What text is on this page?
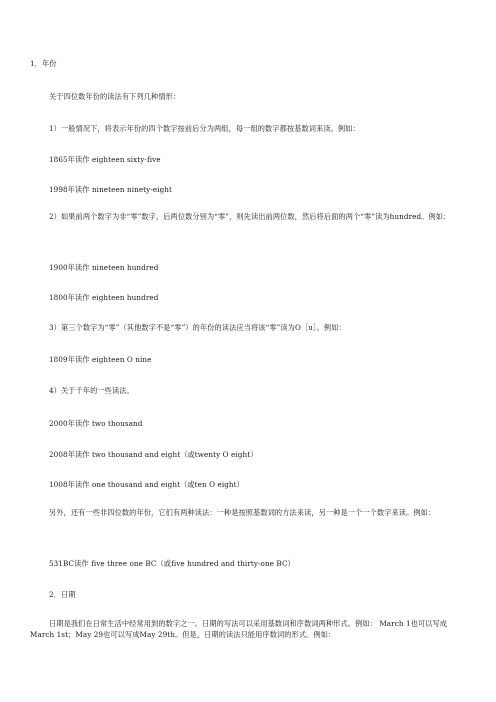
1．年份
关于四位数年份的读法有下列几种情形：
1）一般情况下，将表示年份的四个数字按前后分为两组，每一组的数字都按基数词来读。例如：
1865年读作 eighteen sixty-five
1998年读作 nineteen ninety-eight
2）如果前两个数字为非“零”数字，后两位数分别为“零”，则先读出前两位数，然后将后面的两个“零”读为hundred。例如：
1900年读作 nineteen hundred
1800年读作 eighteen hundred
3）第三个数字为“零”（其他数字不是“零”）的年份的读法应当将该“零”读为O［u］。例如：
1809年读作 eighteen O nine
4）关于千年的一些读法。
2000年读作 two thousand
2008年读作 two thousand and eight（或twenty O eight）
1008年读作 one thousand and eight（或ten O eight）
另外，还有一些非四位数的年份，它们有两种读法：一种是按照基数词的方法来读，另一种是一个一个数字来读。例如：
531BC读作 five three one BC（或five hundred and thirty-one BC）
2．日期
日期是我们在日常生活中经常用到的数字之一。日期的写法可以采用基数词和序数词两种形式。例如： March 1也可以写成March 1st；May 29也可以写成May 29th。但是，日期的读法只能用序数词的形式。例如：
